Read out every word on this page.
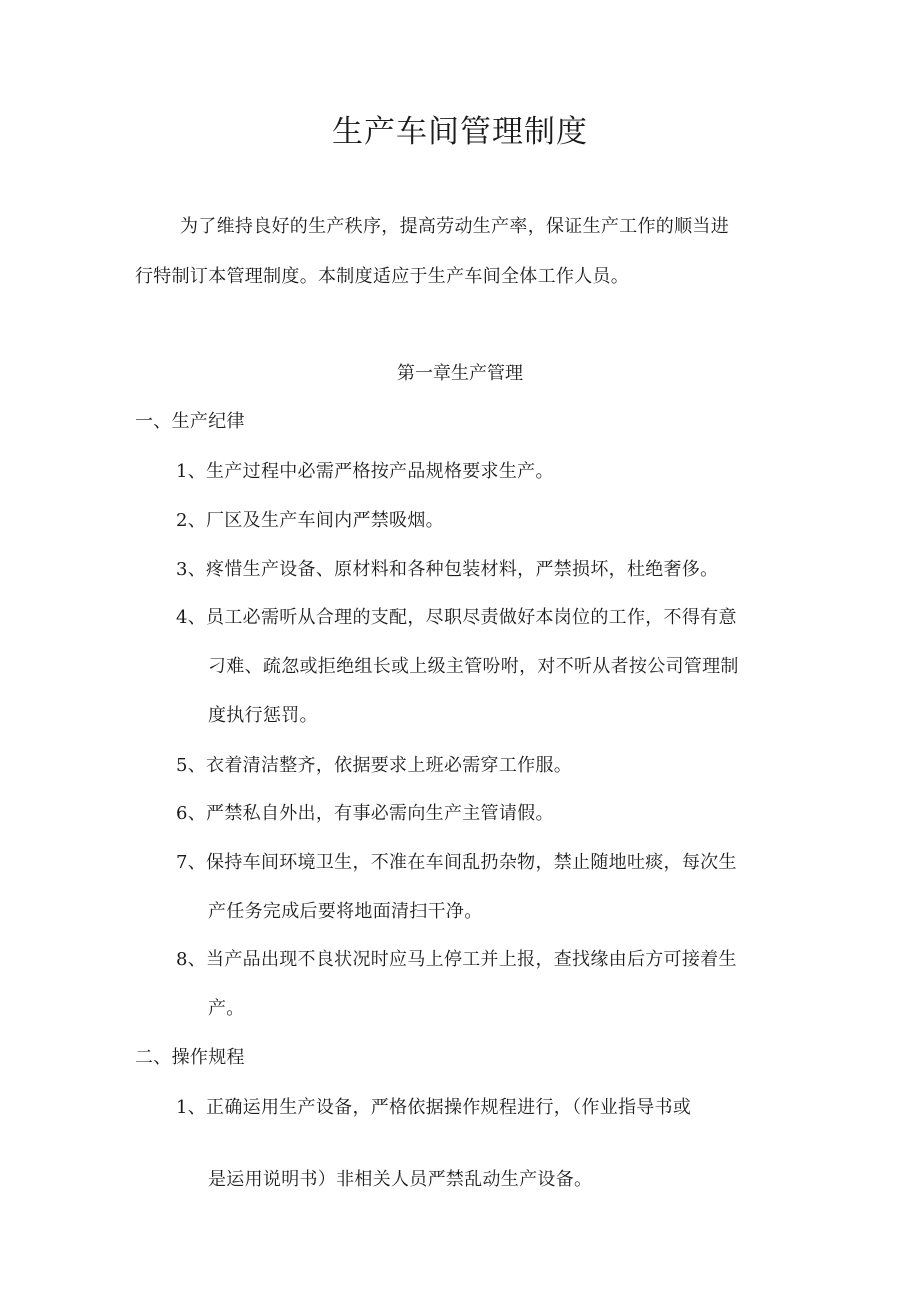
生产车间管理制度
为了维持良好的生产秩序，提高劳动生产率，保证生产工作的顺当进
行特制订本管理制度。本制度适应于生产车间全体工作人员。
第一章生产管理
一、生产纪律
1、生产过程中必需严格按产品规格要求生产。
2、厂区及生产车间内严禁吸烟。
3、疼惜生产设备、原材料和各种包装材料，严禁损坏，杜绝奢侈。
4、员工必需听从合理的支配，尽职尽责做好本岗位的工作，不得有意
刁难、疏忽或拒绝组长或上级主管吩咐，对不听从者按公司管理制
度执行惩罚。
5、衣着清洁整齐，依据要求上班必需穿工作服。
6、严禁私自外出，有事必需向生产主管请假。
7、保持车间环境卫生，不准在车间乱扔杂物，禁止随地吐痰，每次生
产任务完成后要将地面清扫干净。
8、当产品出现不良状况时应马上停工并上报，查找缘由后方可接着生
产。
二、操作规程
1、正确运用生产设备，严格依据操作规程进行，（作业指导书或
是运用说明书）非相关人员严禁乱动生产设备。
